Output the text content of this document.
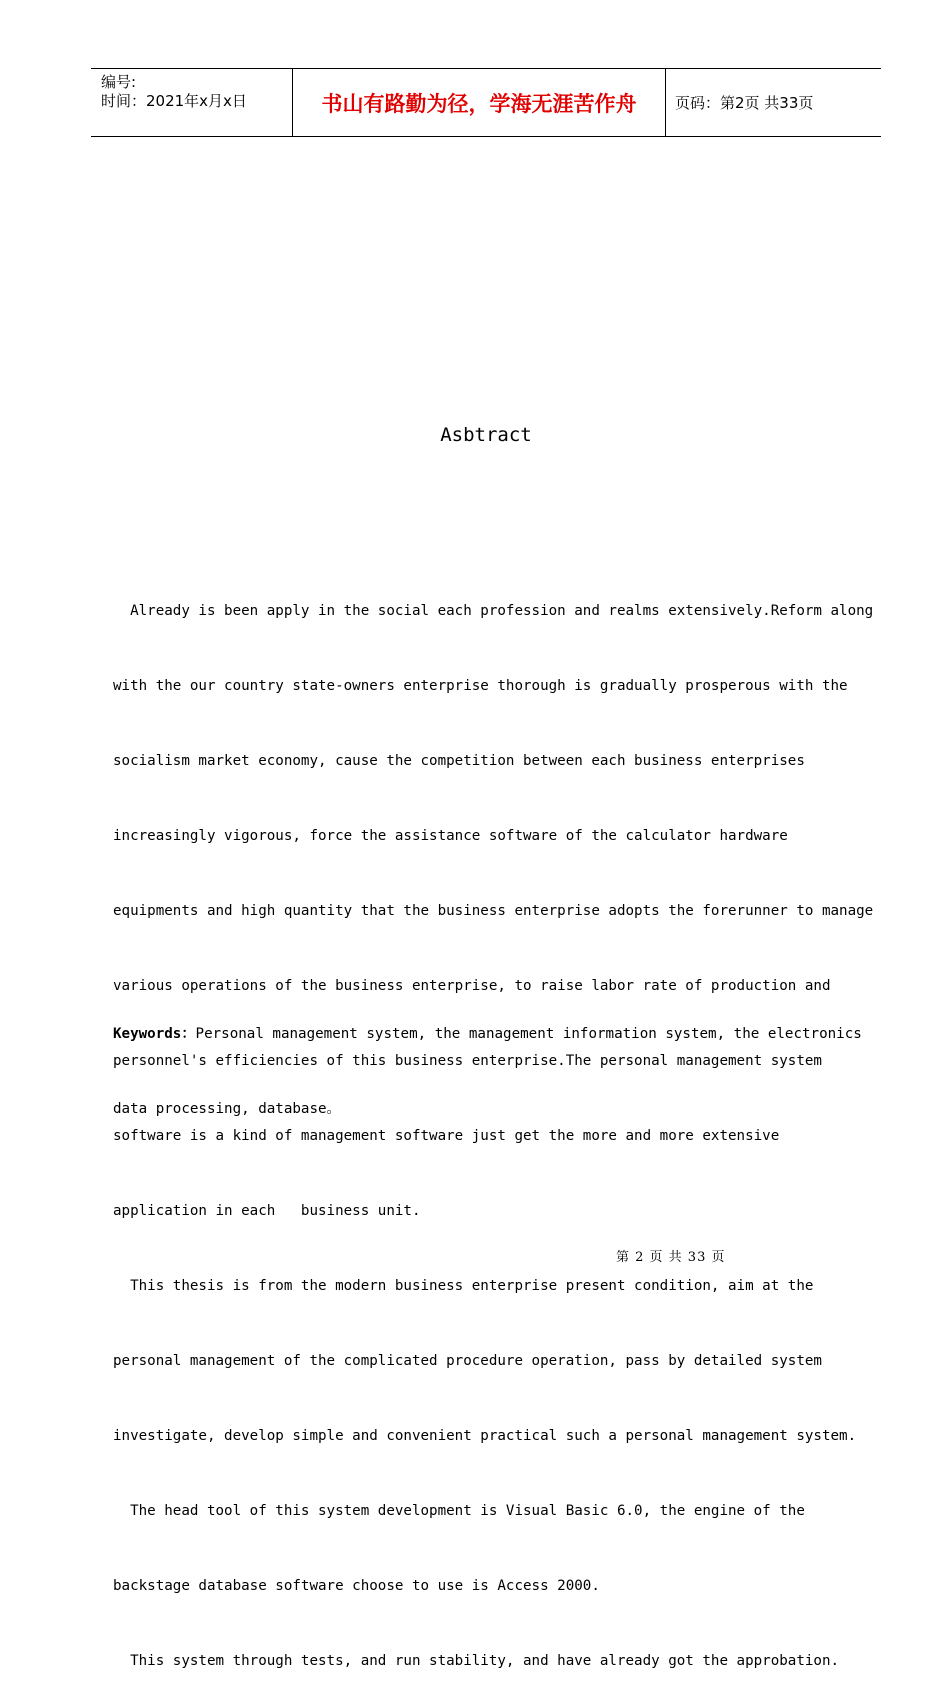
编号:
时间：2021年x月x日	书山有路勤为径，学海无涯苦作舟	页码：第2页 共33页
Asbtract

Already is been apply in the social each profession and realms extensively.Reform along

with the our country state-owners enterprise thorough is gradually prosperous with the

socialism market economy, cause the competition between each business enterprises

increasingly vigorous, force the assistance software of the calculator hardware

equipments and high quantity that the business enterprise adopts the forerunner to manage

various operations of the business enterprise, to raise labor rate of production and

personnel's efficiencies of this business enterprise.The personal management system

software is a kind of management software just get the more and more extensive

application in each   business unit.

This thesis is from the modern business enterprise present condition, aim at the

personal management of the complicated procedure operation, pass by detailed system

investigate, develop simple and convenient practical such a personal management system.

The head tool of this system development is Visual Basic 6.0, the engine of the

backstage database software choose to use is Access 2000.

This system through tests, and run stability, and have already got the approbation.

Keywords：Personal management system, the management information system, the electronics

data processing, database。

第 2 页 共 33 页
